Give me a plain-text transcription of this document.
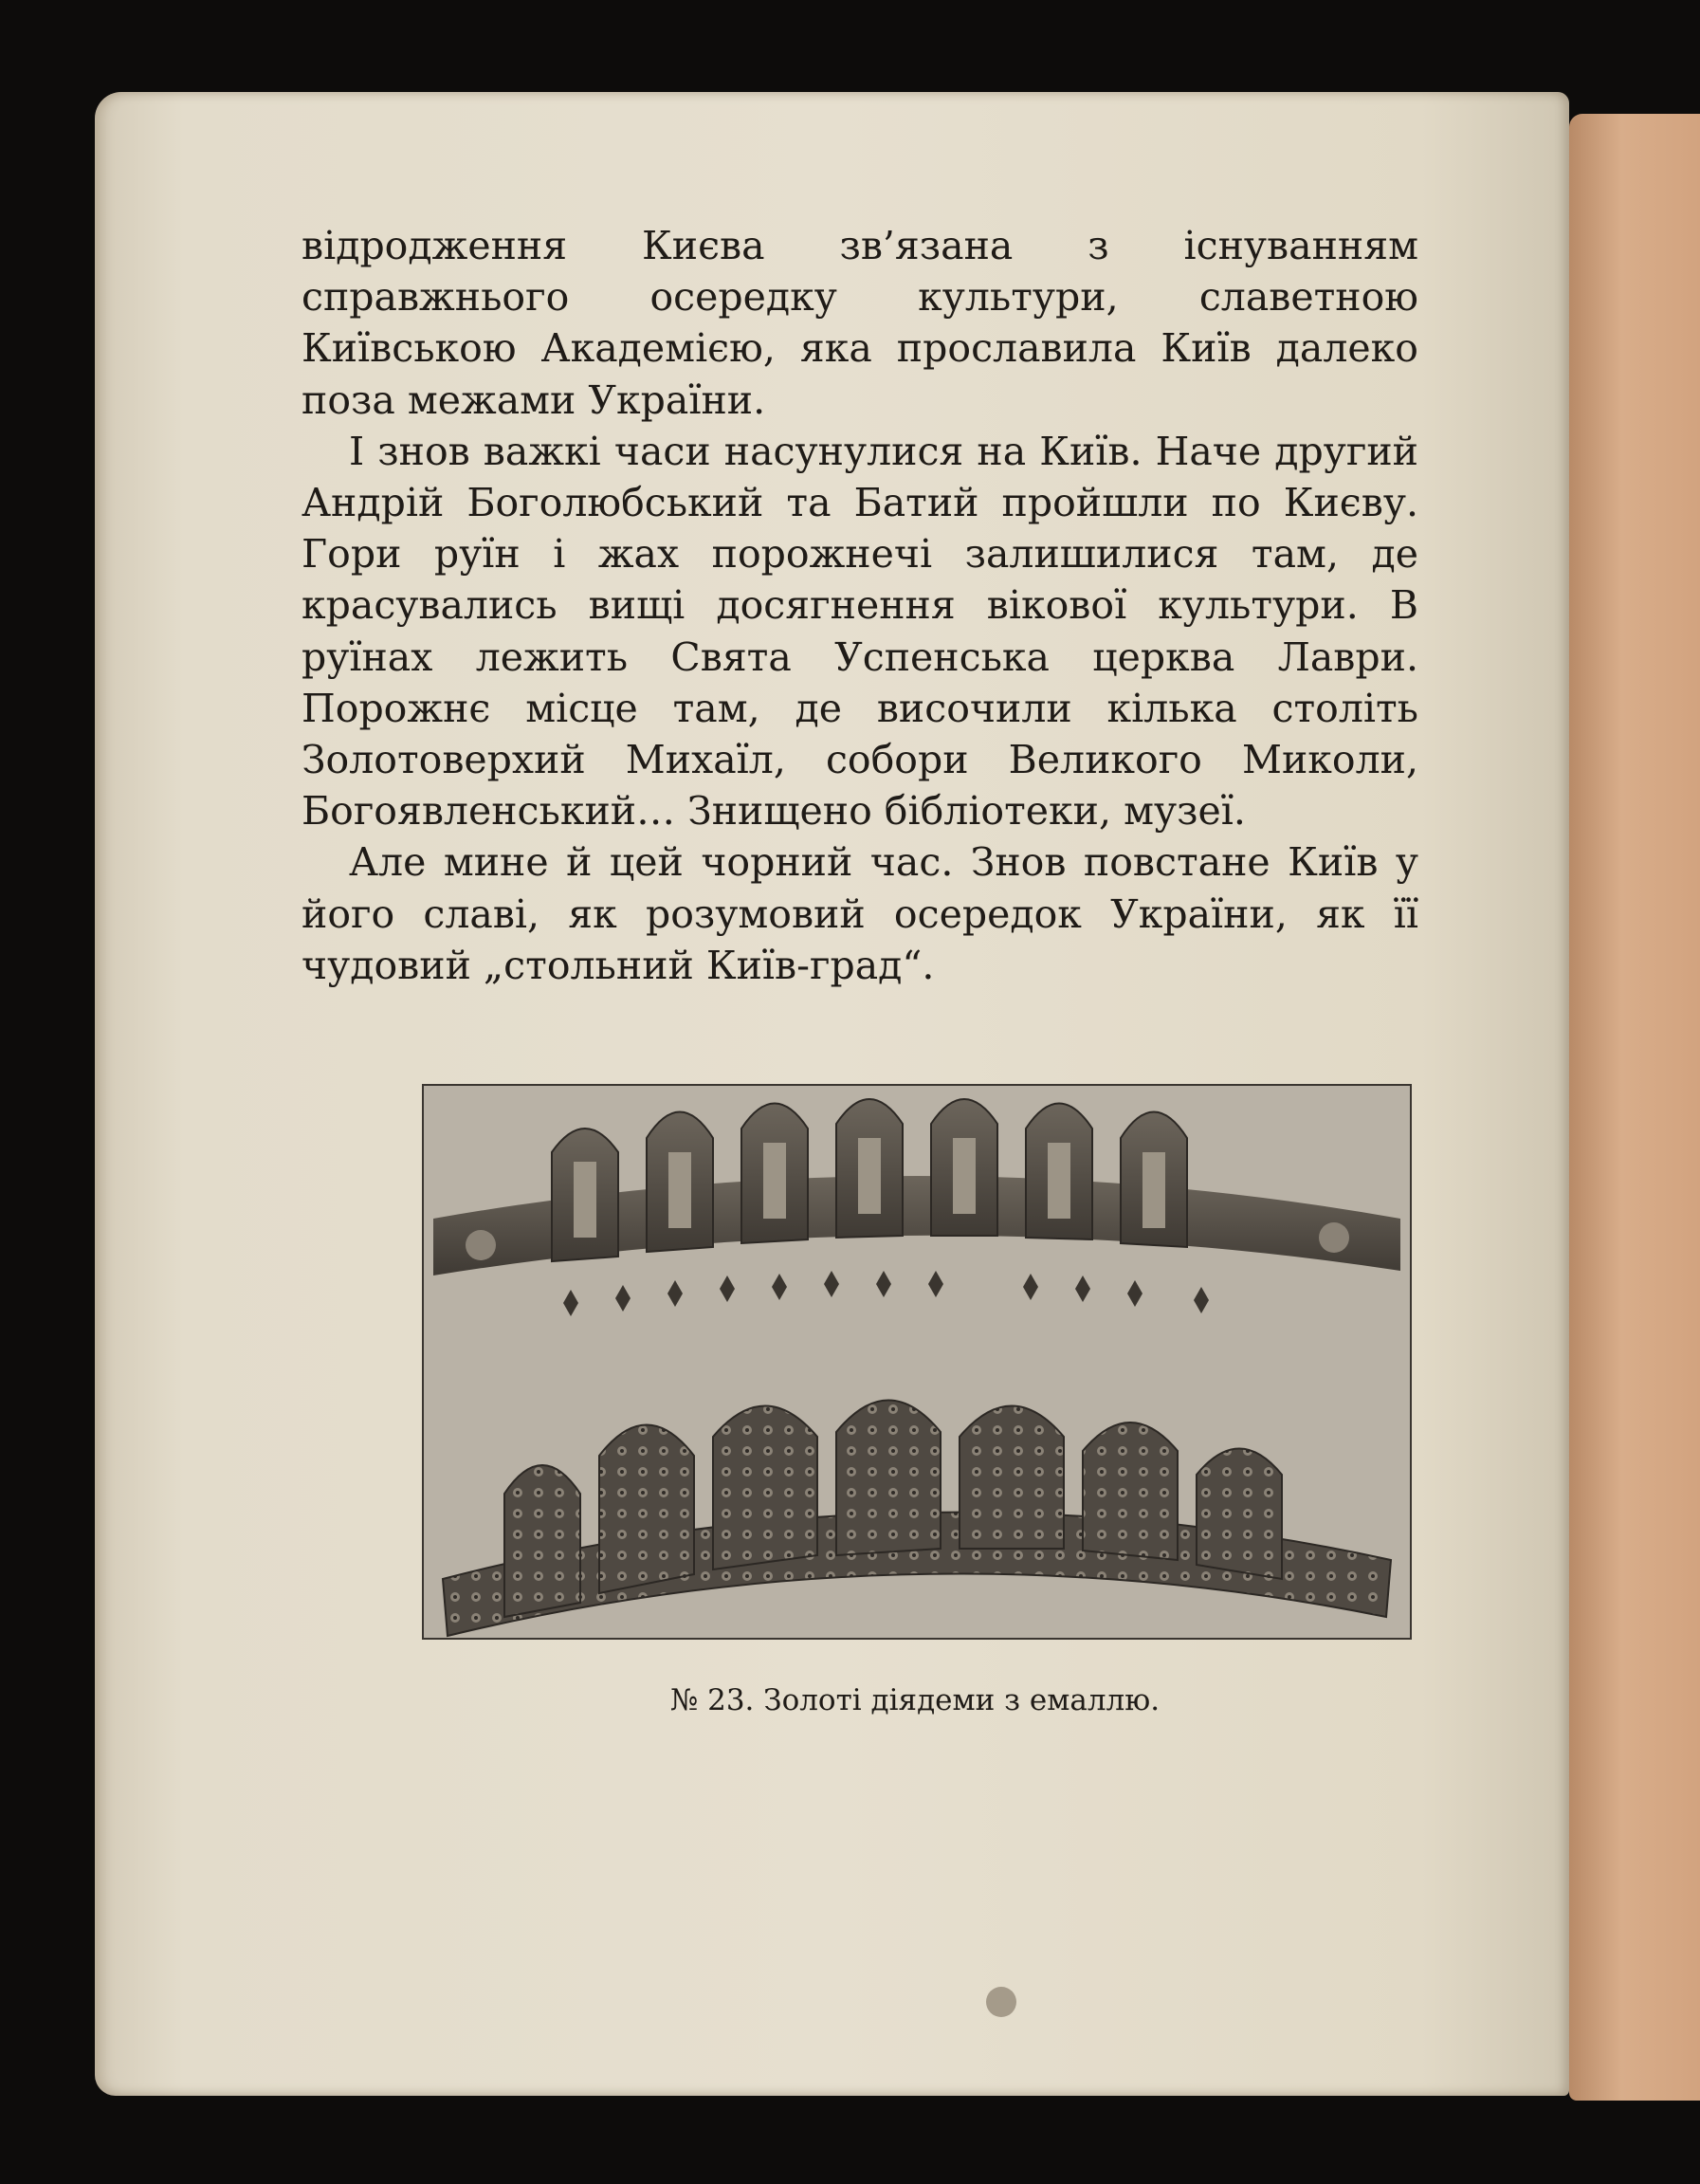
відродження Києва зв’язана з існуванням справжнього осередку культури, славетною Київською Академією, яка прославила Київ далеко поза межами України.

І знов важкі часи насунулися на Київ. Наче другий Андрій Боголюбський та Батий пройшли по Києву. Гори руїн і жах порожнечі залишилися там, де красувались вищі досягнення вікової культури. В руїнах лежить Свята Успенська церква Лаври. Порожнє місце там, де височили кілька століть Золотоверхий Михаїл, собори Великого Миколи, Богоявленський… Знищено бібліотеки, музеї.

Але мине й цей чорний час. Знов повстане Київ у його славі, як розумовий осередок України, як її чудовий „стольний Київ-град“.

№ 23. Золоті діядеми з емаллю.
